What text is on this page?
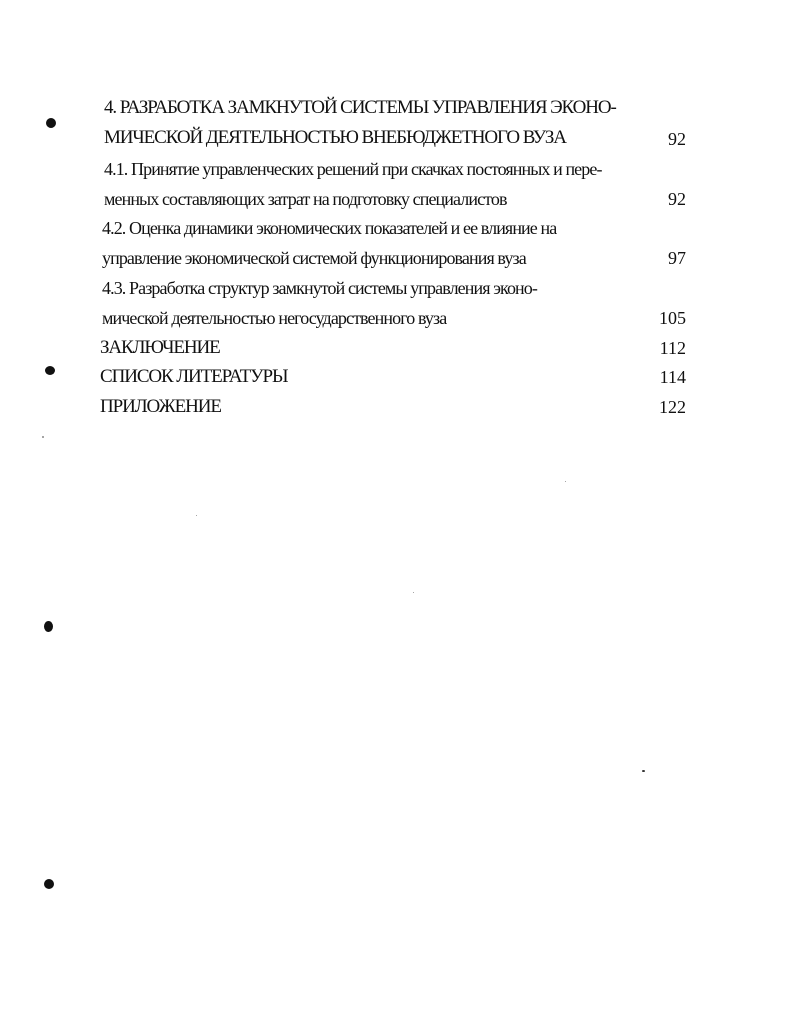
4. РАЗРАБОТКА ЗАМКНУТОЙ СИСТЕМЫ УПРАВЛЕНИЯ ЭКОНО-
МИЧЕСКОЙ ДЕЯТЕЛЬНОСТЬЮ ВНЕБЮДЖЕТНОГО ВУЗА	92
4.1. Принятие управленческих решений при скачках постоянных и пере-
менных составляющих затрат на подготовку специалистов	92
4.2. Оценка динамики экономических показателей и ее влияние на
управление экономической системой функционирования вуза	97
4.3. Разработка структур замкнутой системы управления эконо-
мической деятельностью негосударственного вуза	105
ЗАКЛЮЧЕНИЕ	112
СПИСОК ЛИТЕРАТУРЫ	114
ПРИЛОЖЕНИЕ	122
